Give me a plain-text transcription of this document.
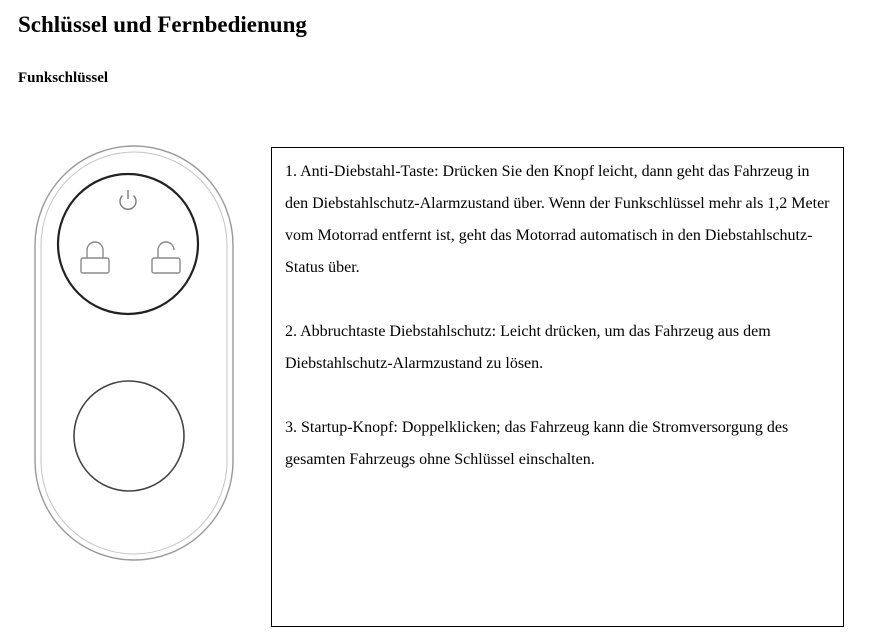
Schlüssel und Fernbedienung
Funkschlüssel

1. Anti-Diebstahl-Taste: Drücken Sie den Knopf leicht, dann geht das Fahrzeug in den Diebstahlschutz-Alarmzustand über. Wenn der Funkschlüssel mehr als 1,2 Meter vom Motorrad entfernt ist, geht das Motorrad automatisch in den Diebstahlschutz-Status über.

2. Abbruchtaste Diebstahlschutz: Leicht drücken, um das Fahrzeug aus dem Diebstahlschutz-Alarmzustand zu lösen.

3. Startup-Knopf: Doppelklicken; das Fahrzeug kann die Stromversorgung des gesamten Fahrzeugs ohne Schlüssel einschalten.
